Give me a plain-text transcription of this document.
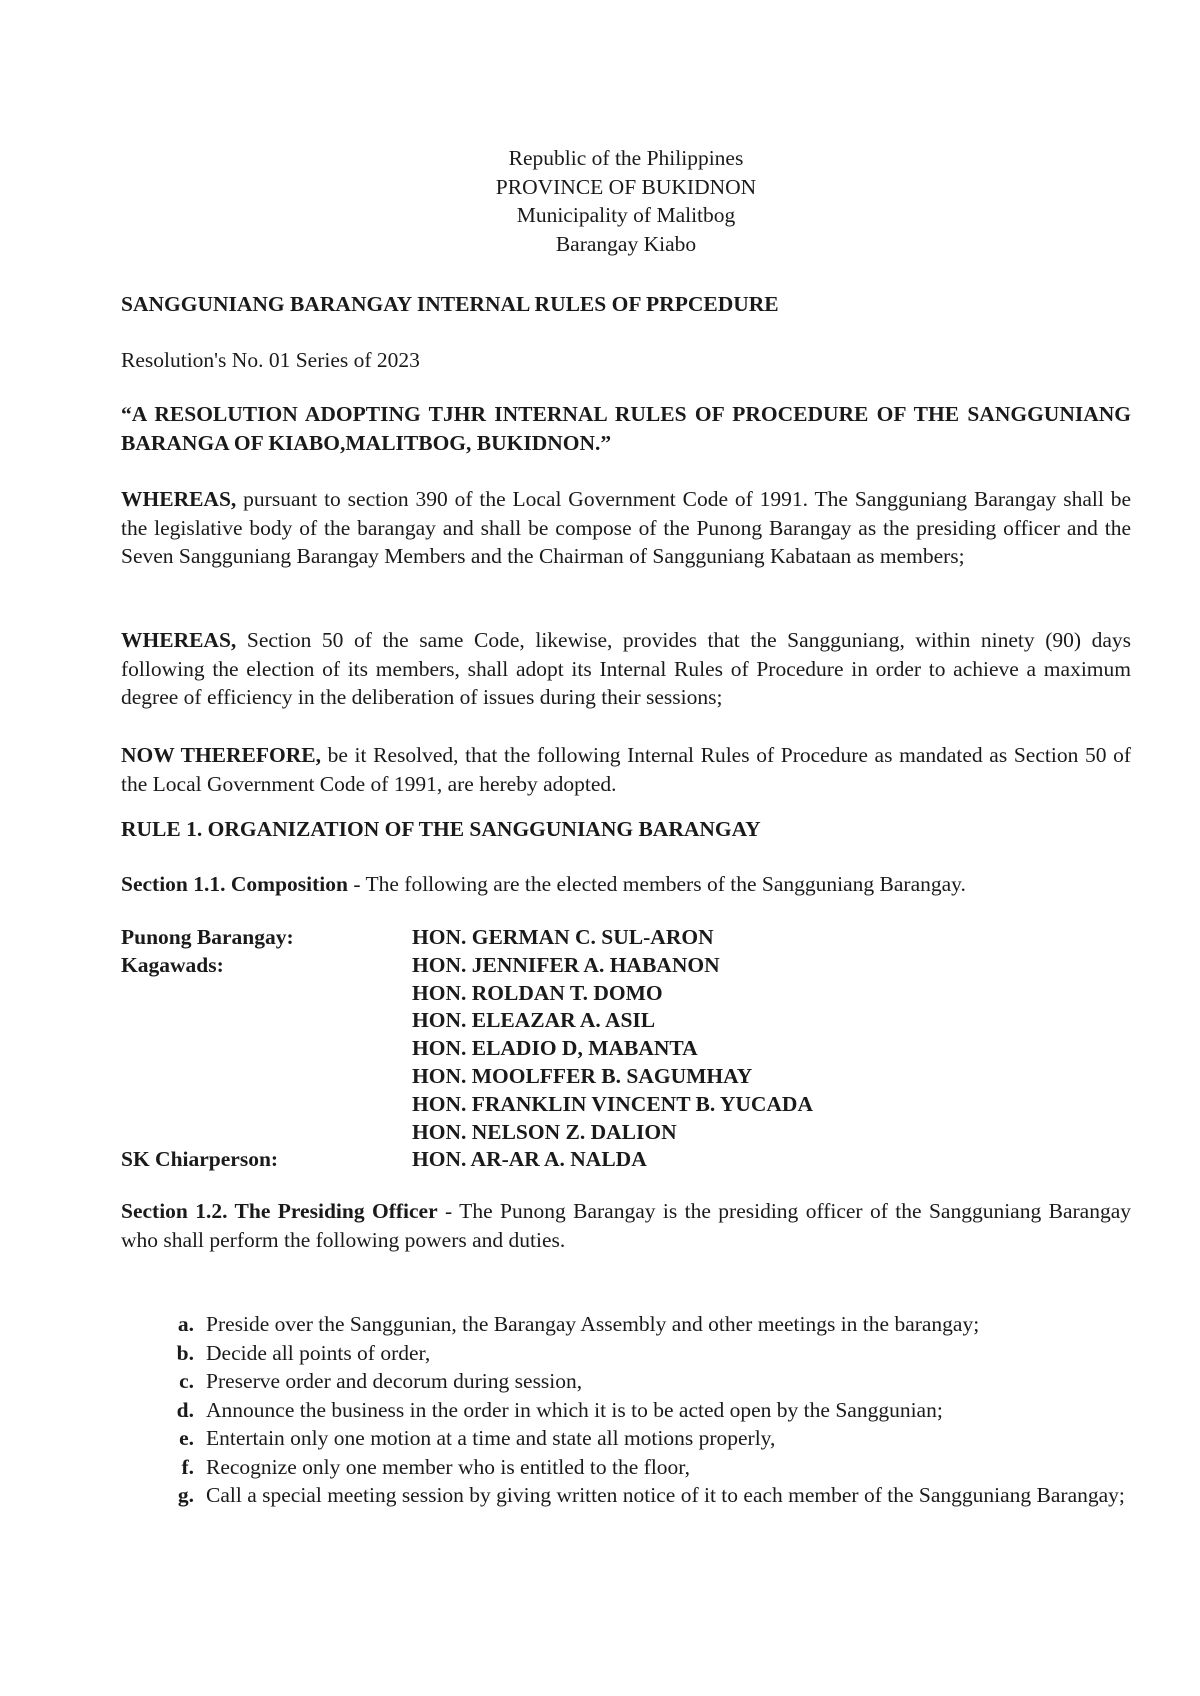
Republic of the Philippines
PROVINCE OF BUKIDNON
Municipality of Malitbog
Barangay Kiabo
SANGGUNIANG BARANGAY INTERNAL RULES OF PRPCEDURE
Resolution's No. 01 Series of 2023
“A RESOLUTION ADOPTING TJHR INTERNAL RULES OF PROCEDURE OF THE SANGGUNIANG BARANGA OF KIABO,MALITBOG, BUKIDNON.”
WHEREAS, pursuant to section 390 of the Local Government Code of 1991. The Sangguniang Barangay shall be the legislative body of the barangay and shall be compose of the Punong Barangay as the presiding officer and the Seven Sangguniang Barangay Members and the Chairman of Sangguniang Kabataan as members;
WHEREAS, Section 50 of the same Code, likewise, provides that the Sangguniang, within ninety (90) days following the election of its members, shall adopt its Internal Rules of Procedure in order to achieve a maximum degree of efficiency in the deliberation of issues during their sessions;
NOW THEREFORE, be it Resolved, that the following Internal Rules of Procedure as mandated as Section 50 of the Local Government Code of 1991, are hereby adopted.
RULE 1. ORGANIZATION OF THE SANGGUNIANG BARANGAY
Section 1.1. Composition - The following are the elected members of the Sangguniang Barangay.
Punong Barangay:	HON. GERMAN C. SUL-ARON
Kagawads:	HON. JENNIFER A. HABANON
HON. ROLDAN T. DOMO
HON. ELEAZAR A. ASIL
HON. ELADIO D, MABANTA
HON. MOOLFFER B. SAGUMHAY
HON. FRANKLIN VINCENT B. YUCADA
HON. NELSON Z. DALION
SK Chiarperson:	HON. AR-AR A. NALDA
Section 1.2. The Presiding Officer - The Punong Barangay is the presiding officer of the Sangguniang Barangay who shall perform the following powers and duties.
a. Preside over the Sanggunian, the Barangay Assembly and other meetings in the barangay;
b. Decide all points of order,
c. Preserve order and decorum during session,
d. Announce the business in the order in which it is to be acted open by the Sanggunian;
e. Entertain only one motion at a time and state all motions properly,
f. Recognize only one member who is entitled to the floor,
g. Call a special meeting session by giving written notice of it to each member of the Sangguniang Barangay;
